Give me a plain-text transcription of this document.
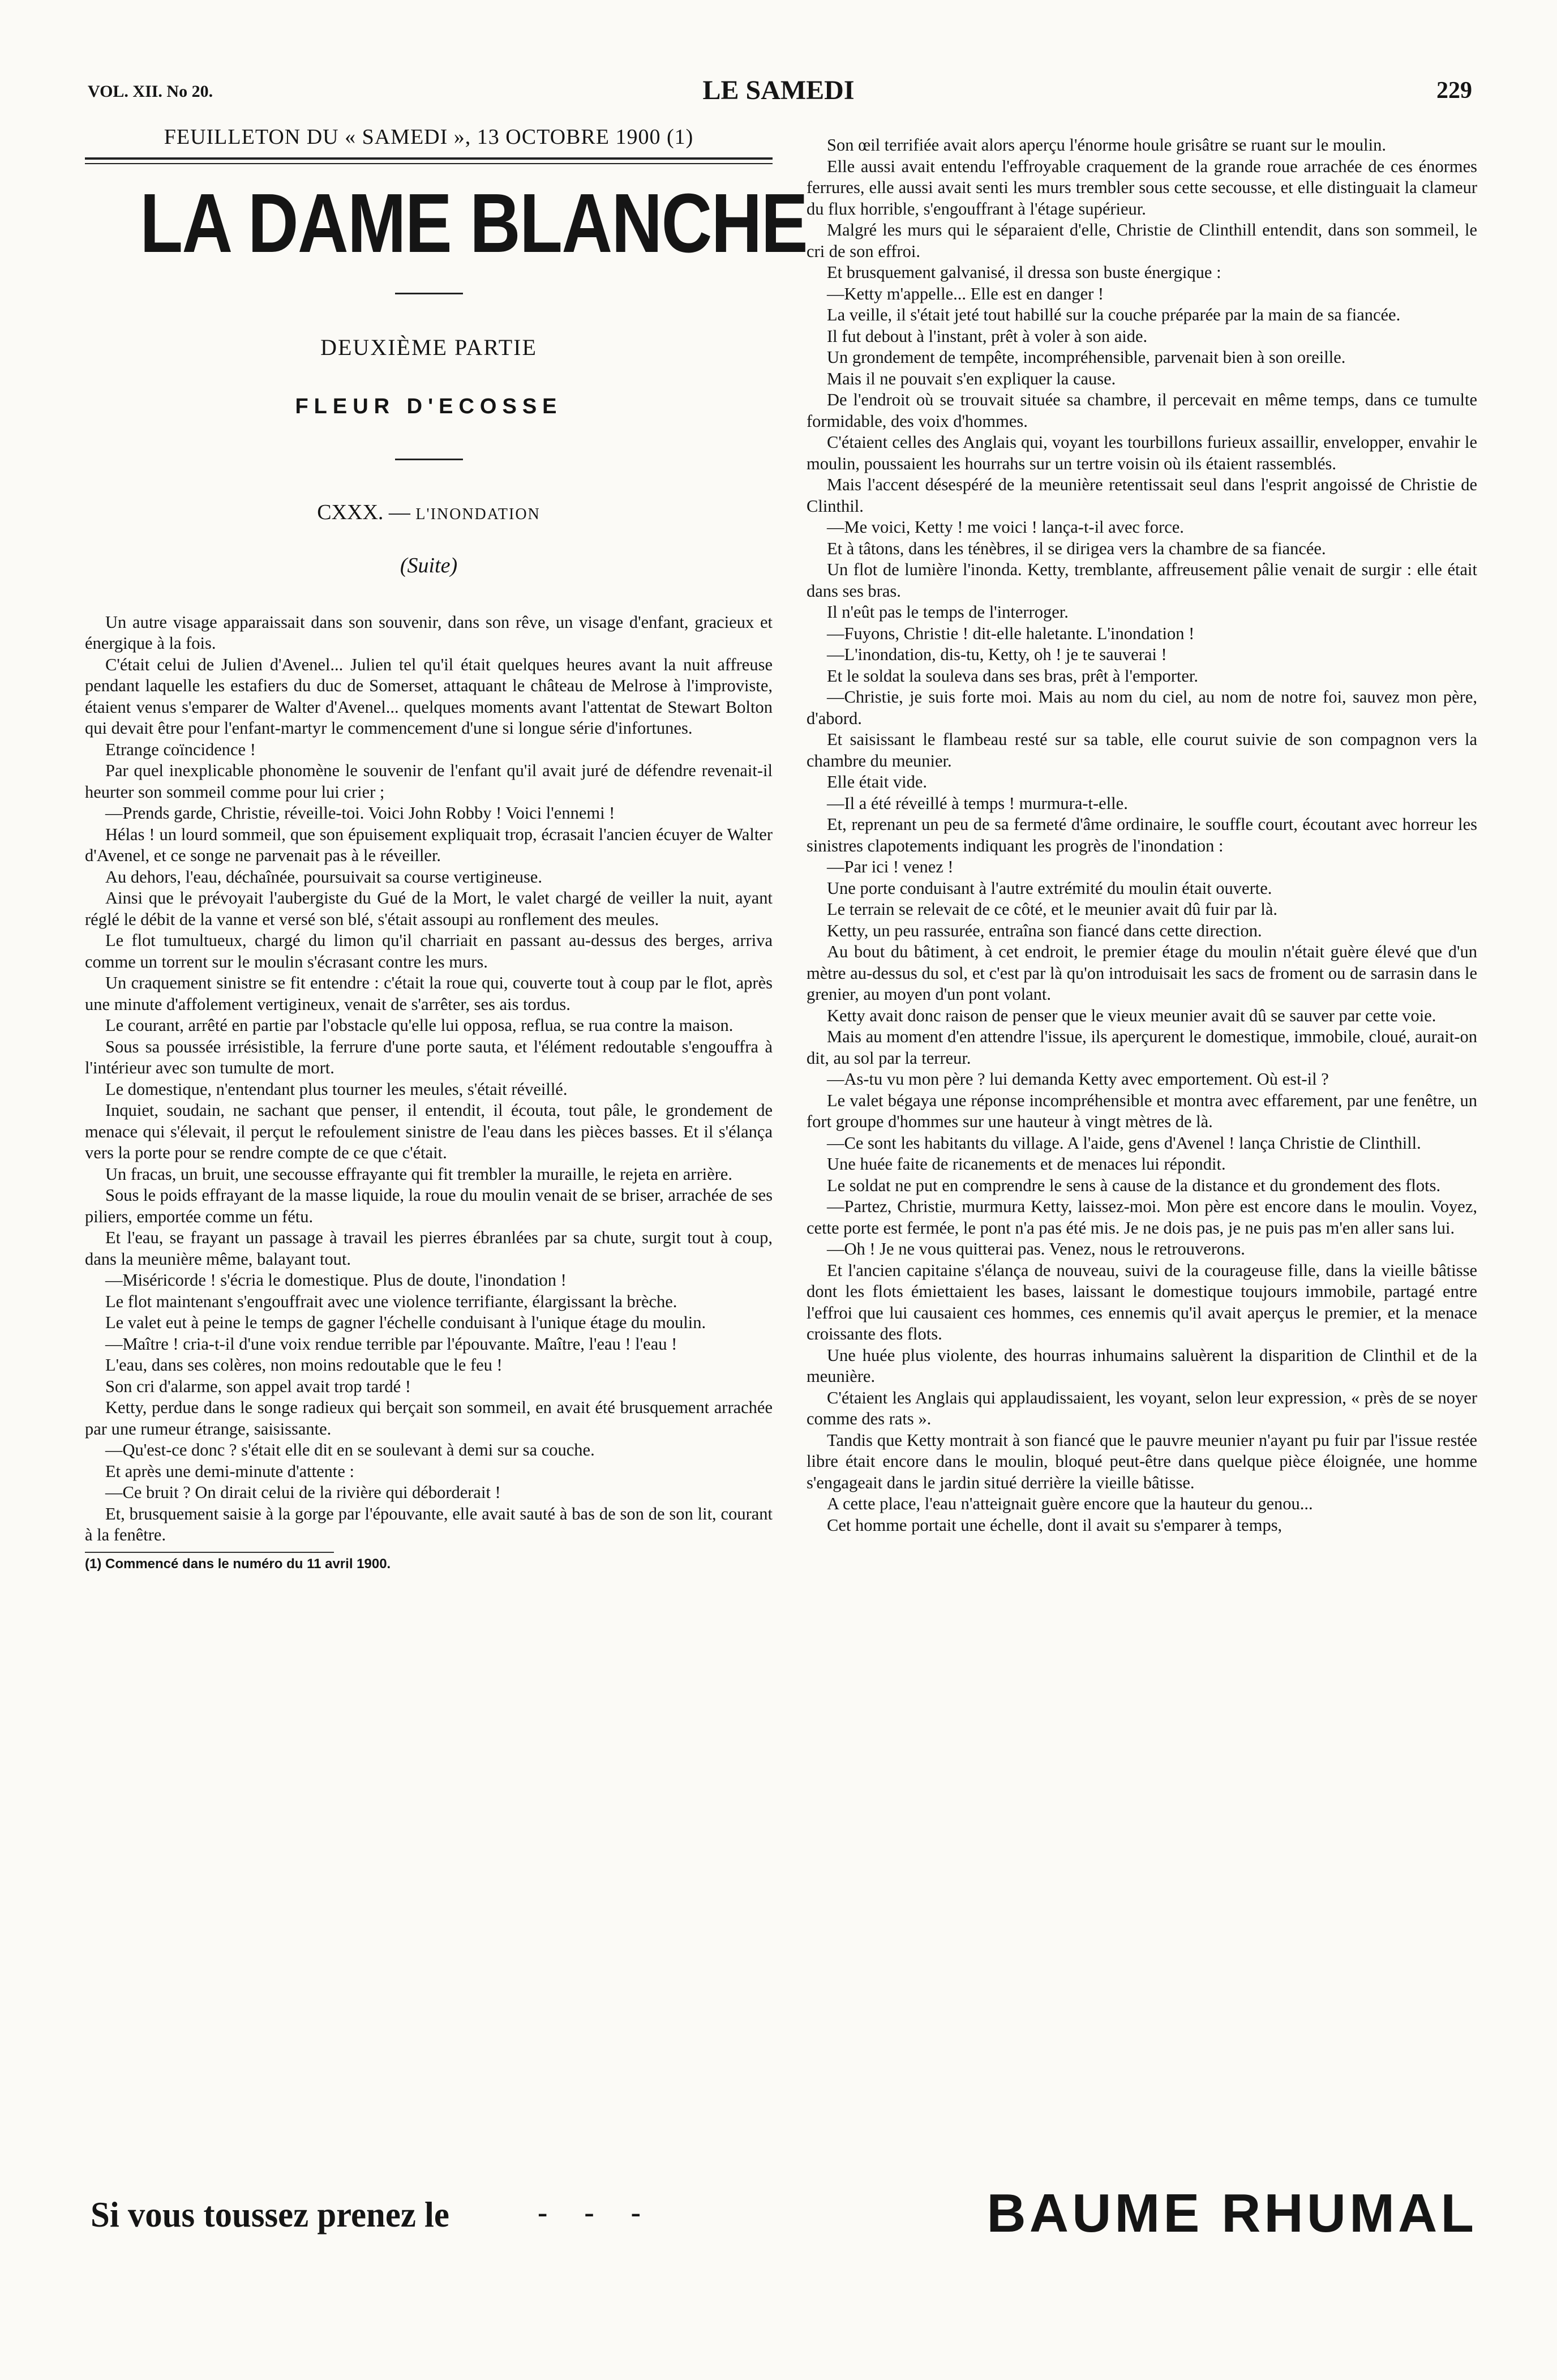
VOL. XII. No 20.	LE SAMEDI	229
FEUILLETON DU « SAMEDI », 13 OCTOBRE 1900 (1)
LA DAME BLANCHE
DEUXIÈME PARTIE
FLEUR D'ECOSSE
CXXX. — L'INONDATION
(Suite)

Un autre visage apparaissait dans son souvenir, dans son rêve, un visage d'enfant, gracieux et énergique à la fois.

C'était celui de Julien d'Avenel... Julien tel qu'il était quelques heures avant la nuit affreuse pendant laquelle les estafiers du duc de Somerset, attaquant le château de Melrose à l'improviste, étaient venus s'emparer de Walter d'Avenel... quelques moments avant l'attentat de Stewart Bolton qui devait être pour l'enfant-martyr le commencement d'une si longue série d'infortunes.

Etrange coïncidence !

Par quel inexplicable phonomène le souvenir de l'enfant qu'il avait juré de défendre revenait-il heurter son sommeil comme pour lui crier ;

—Prends garde, Christie, réveille-toi. Voici John Robby ! Voici l'ennemi !

Hélas ! un lourd sommeil, que son épuisement expliquait trop, écrasait l'ancien écuyer de Walter d'Avenel, et ce songe ne parvenait pas à le réveiller.

Au dehors, l'eau, déchaînée, poursuivait sa course vertigineuse.

Ainsi que le prévoyait l'aubergiste du Gué de la Mort, le valet chargé de veiller la nuit, ayant réglé le débit de la vanne et versé son blé, s'était assoupi au ronflement des meules.

Le flot tumultueux, chargé du limon qu'il charriait en passant au-dessus des berges, arriva comme un torrent sur le moulin s'écrasant contre les murs.

Un craquement sinistre se fit entendre : c'était la roue qui, couverte tout à coup par le flot, après une minute d'affolement vertigineux, venait de s'arrêter, ses ais tordus.

Le courant, arrêté en partie par l'obstacle qu'elle lui opposa, reflua, se rua contre la maison.

Sous sa poussée irrésistible, la ferrure d'une porte sauta, et l'élément redoutable s'engouffra à l'intérieur avec son tumulte de mort.

Le domestique, n'entendant plus tourner les meules, s'était réveillé.

Inquiet, soudain, ne sachant que penser, il entendit, il écouta, tout pâle, le grondement de menace qui s'élevait, il perçut le refoulement sinistre de l'eau dans les pièces basses. Et il s'élança vers la porte pour se rendre compte de ce que c'était.

Un fracas, un bruit, une secousse effrayante qui fit trembler la muraille, le rejeta en arrière.

Sous le poids effrayant de la masse liquide, la roue du moulin venait de se briser, arrachée de ses piliers, emportée comme un fétu.

Et l'eau, se frayant un passage à travail les pierres ébranlées par sa chute, surgit tout à coup, dans la meunière même, balayant tout.

—Miséricorde ! s'écria le domestique. Plus de doute, l'inondation !

Le flot maintenant s'engouffrait avec une violence terrifiante, élargissant la brèche.

Le valet eut à peine le temps de gagner l'échelle conduisant à l'unique étage du moulin.

—Maître ! cria-t-il d'une voix rendue terrible par l'épouvante. Maître, l'eau ! l'eau !

L'eau, dans ses colères, non moins redoutable que le feu !

Son cri d'alarme, son appel avait trop tardé !

Ketty, perdue dans le songe radieux qui berçait son sommeil, en avait été brusquement arrachée par une rumeur étrange, saisissante.

—Qu'est-ce donc ? s'était elle dit en se soulevant à demi sur sa couche.

Et après une demi-minute d'attente :

—Ce bruit ? On dirait celui de la rivière qui déborderait !

Et, brusquement saisie à la gorge par l'épouvante, elle avait sauté à bas de son de son lit, courant à la fenêtre.

(1) Commencé dans le numéro du 11 avril 1900.

Son œil terrifiée avait alors aperçu l'énorme houle grisâtre se ruant sur le moulin.

Elle aussi avait entendu l'effroyable craquement de la grande roue arrachée de ces énormes ferrures, elle aussi avait senti les murs trembler sous cette secousse, et elle distinguait la clameur du flux horrible, s'engouffrant à l'étage supérieur.

Malgré les murs qui le séparaient d'elle, Christie de Clinthill entendit, dans son sommeil, le cri de son effroi.

Et brusquement galvanisé, il dressa son buste énergique :

—Ketty m'appelle... Elle est en danger !

La veille, il s'était jeté tout habillé sur la couche préparée par la main de sa fiancée.

Il fut debout à l'instant, prêt à voler à son aide.

Un grondement de tempête, incompréhensible, parvenait bien à son oreille.

Mais il ne pouvait s'en expliquer la cause.

De l'endroit où se trouvait située sa chambre, il percevait en même temps, dans ce tumulte formidable, des voix d'hommes.

C'étaient celles des Anglais qui, voyant les tourbillons furieux assaillir, envelopper, envahir le moulin, poussaient les hourrahs sur un tertre voisin où ils étaient rassemblés.

Mais l'accent désespéré de la meunière retentissait seul dans l'esprit angoissé de Christie de Clinthil.

—Me voici, Ketty ! me voici ! lança-t-il avec force.

Et à tâtons, dans les ténèbres, il se dirigea vers la chambre de sa fiancée.

Un flot de lumière l'inonda. Ketty, tremblante, affreusement pâlie venait de surgir : elle était dans ses bras.

Il n'eût pas le temps de l'interroger.

—Fuyons, Christie ! dit-elle haletante. L'inondation !

—L'inondation, dis-tu, Ketty, oh ! je te sauverai !

Et le soldat la souleva dans ses bras, prêt à l'emporter.

—Christie, je suis forte moi. Mais au nom du ciel, au nom de notre foi, sauvez mon père, d'abord.

Et saisissant le flambeau resté sur sa table, elle courut suivie de son compagnon vers la chambre du meunier.

Elle était vide.

—Il a été réveillé à temps ! murmura-t-elle.

Et, reprenant un peu de sa fermeté d'âme ordinaire, le souffle court, écoutant avec horreur les sinistres clapotements indiquant les progrès de l'inondation :

—Par ici ! venez !

Une porte conduisant à l'autre extrémité du moulin était ouverte.

Le terrain se relevait de ce côté, et le meunier avait dû fuir par là.

Ketty, un peu rassurée, entraîna son fiancé dans cette direction.

Au bout du bâtiment, à cet endroit, le premier étage du moulin n'était guère élevé que d'un mètre au-dessus du sol, et c'est par là qu'on introduisait les sacs de froment ou de sarrasin dans le grenier, au moyen d'un pont volant.

Ketty avait donc raison de penser que le vieux meunier avait dû se sauver par cette voie.

Mais au moment d'en attendre l'issue, ils aperçurent le domestique, immobile, cloué, aurait-on dit, au sol par la terreur.

—As-tu vu mon père ? lui demanda Ketty avec emportement. Où est-il ?

Le valet bégaya une réponse incompréhensible et montra avec effarement, par une fenêtre, un fort groupe d'hommes sur une hauteur à vingt mètres de là.

—Ce sont les habitants du village. A l'aide, gens d'Avenel ! lança Christie de Clinthill.

Une huée faite de ricanements et de menaces lui répondit.

Le soldat ne put en comprendre le sens à cause de la distance et du grondement des flots.

—Partez, Christie, murmura Ketty, laissez-moi. Mon père est encore dans le moulin. Voyez, cette porte est fermée, le pont n'a pas été mis. Je ne dois pas, je ne puis pas m'en aller sans lui.

—Oh ! Je ne vous quitterai pas. Venez, nous le retrouverons.

Et l'ancien capitaine s'élança de nouveau, suivi de la courageuse fille, dans la vieille bâtisse dont les flots émiettaient les bases, laissant le domestique toujours immobile, partagé entre l'effroi que lui causaient ces hommes, ces ennemis qu'il avait aperçus le premier, et la menace croissante des flots.

Une huée plus violente, des hourras inhumains saluèrent la disparition de Clinthil et de la meunière.

C'étaient les Anglais qui applaudissaient, les voyant, selon leur expression, « près de se noyer comme des rats ».

Tandis que Ketty montrait à son fiancé que le pauvre meunier n'ayant pu fuir par l'issue restée libre était encore dans le moulin, bloqué peut-être dans quelque pièce éloignée, une homme s'engageait dans le jardin situé derrière la vieille bâtisse.

A cette place, l'eau n'atteignait guère encore que la hauteur du genou...

Cet homme portait une échelle, dont il avait su s'emparer à temps,

Si vous toussez prenez le	- - -	BAUME RHUMAL
